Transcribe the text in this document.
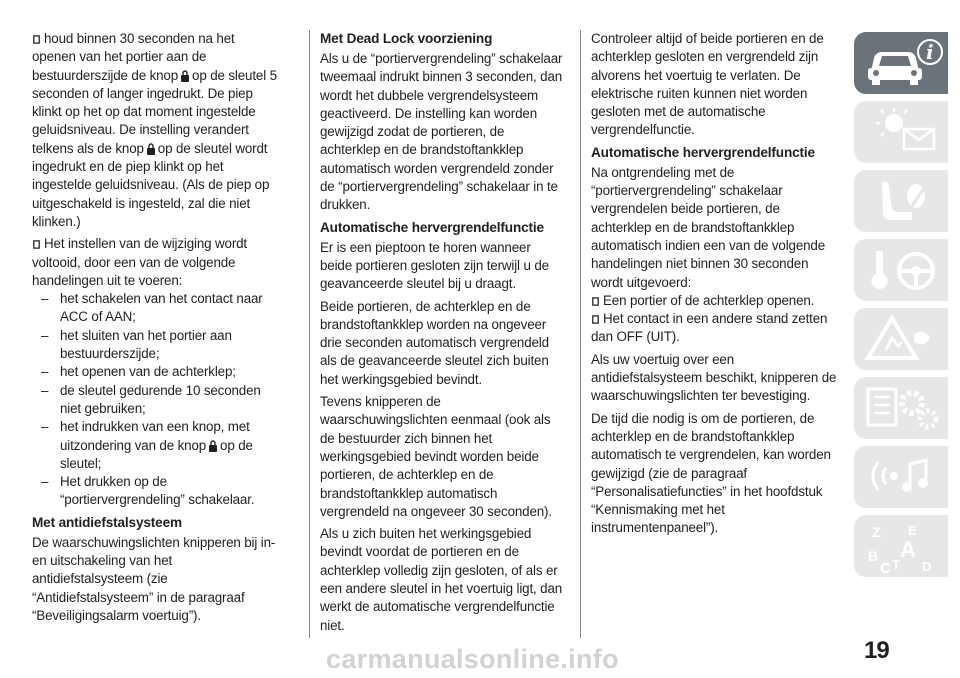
houd binnen 30 seconden na het openen van het portier aan de bestuurderszijde de knop op de sleutel 5 seconden of langer ingedrukt. De piep klinkt op het op dat moment ingestelde geluidsniveau. De instelling verandert telkens als de knop op de sleutel wordt ingedrukt en de piep klinkt op het ingestelde geluidsniveau. (Als de piep op uitgeschakeld is ingesteld, zal die niet klinken.)

Het instellen van de wijziging wordt voltooid, door een van de volgende handelingen uit te voeren:

– het schakelen van het contact naar ACC of AAN;
– het sluiten van het portier aan bestuurderszijde;
– het openen van de achterklep;
– de sleutel gedurende 10 seconden niet gebruiken;
– het indrukken van een knop, met uitzondering van de knop op de sleutel;
– Het drukken op de “portiervergrendeling” schakelaar.
Met antidiefstalsysteem

De waarschuwingslichten knipperen bij in- en uitschakeling van het antidiefstalsysteem (zie “Antidiefstalsysteem” in de paragraaf “Beveiligingsalarm voertuig”).

Met Dead Lock voorziening

Als u de “portiervergrendeling” schakelaar tweemaal indrukt binnen 3 seconden, dan wordt het dubbele vergrendelsysteem geactiveerd. De instelling kan worden gewijzigd zodat de portieren, de achterklep en de brandstoftankklep automatisch worden vergrendeld zonder de “portiervergrendeling” schakelaar in te drukken.

Automatische hervergrendelfunctie

Er is een pieptoon te horen wanneer beide portieren gesloten zijn terwijl u de geavanceerde sleutel bij u draagt.

Beide portieren, de achterklep en de brandstoftankklep worden na ongeveer drie seconden automatisch vergrendeld als de geavanceerde sleutel zich buiten het werkingsgebied bevindt.

Tevens knipperen de waarschuwingslichten eenmaal (ook als de bestuurder zich binnen het werkingsgebied bevindt worden beide portieren, de achterklep en de brandstoftankklep automatisch vergrendeld na ongeveer 30 seconden).

Als u zich buiten het werkingsgebied bevindt voordat de portieren en de achterklep volledig zijn gesloten, of als er een andere sleutel in het voertuig ligt, dan werkt de automatische vergrendelfunctie niet.

Controleer altijd of beide portieren en de achterklep gesloten en vergrendeld zijn alvorens het voertuig te verlaten. De elektrische ruiten kunnen niet worden gesloten met de automatische vergrendelfunctie.

Automatische hervergrendelfunctie

Na ontgrendeling met de “portiervergrendeling” schakelaar vergrendelen beide portieren, de achterklep en de brandstoftankklep automatisch indien een van de volgende handelingen niet binnen 30 seconden wordt uitgevoerd:

Een portier of de achterklep openen.

Het contact in een andere stand zetten dan OFF (UIT).

Als uw voertuig over een antidiefstalsysteem beschikt, knipperen de waarschuwingslichten ter bevestiging.

De tijd die nodig is om de portieren, de achterklep en de brandstoftankklep automatisch te vergrendelen, kan worden gewijzigd (zie de paragraaf “Personalisatiefuncties” in het hoofdstuk “Kennismaking met het instrumentenpaneel”).

i
Z E
A
B
C T D
carmanualsonline.info	19
